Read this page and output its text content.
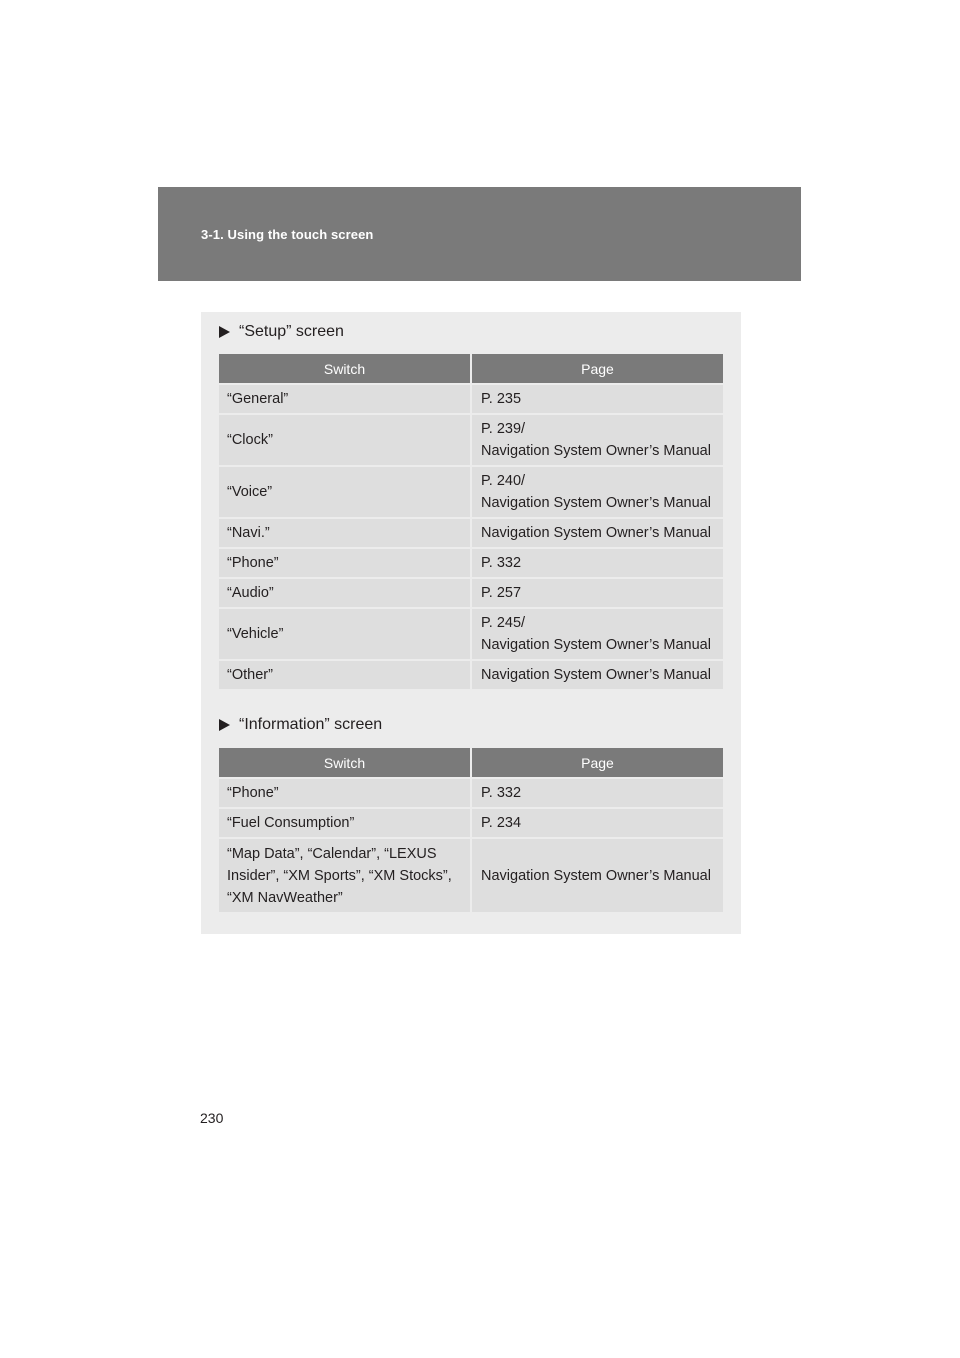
3-1. Using the touch screen
“Setup” screen
Switch	Page
“General”	P. 235
“Clock”	P. 239/
Navigation System Owner’s Manual

“Voice”	P. 240/
Navigation System Owner’s Manual

“Navi.”	Navigation System Owner’s Manual
“Phone”	P. 332
“Audio”	P. 257
“Vehicle”	P. 245/
Navigation System Owner’s Manual

“Other”	Navigation System Owner’s Manual
“Information” screen
Switch	Page
“Phone”	P. 332
“Fuel Consumption”	P. 234
“Map Data”, “Calendar”, “LEXUS Insider”, “XM Sports”, “XM Stocks”, “XM NavWeather”	Navigation System Owner’s Manual
230
